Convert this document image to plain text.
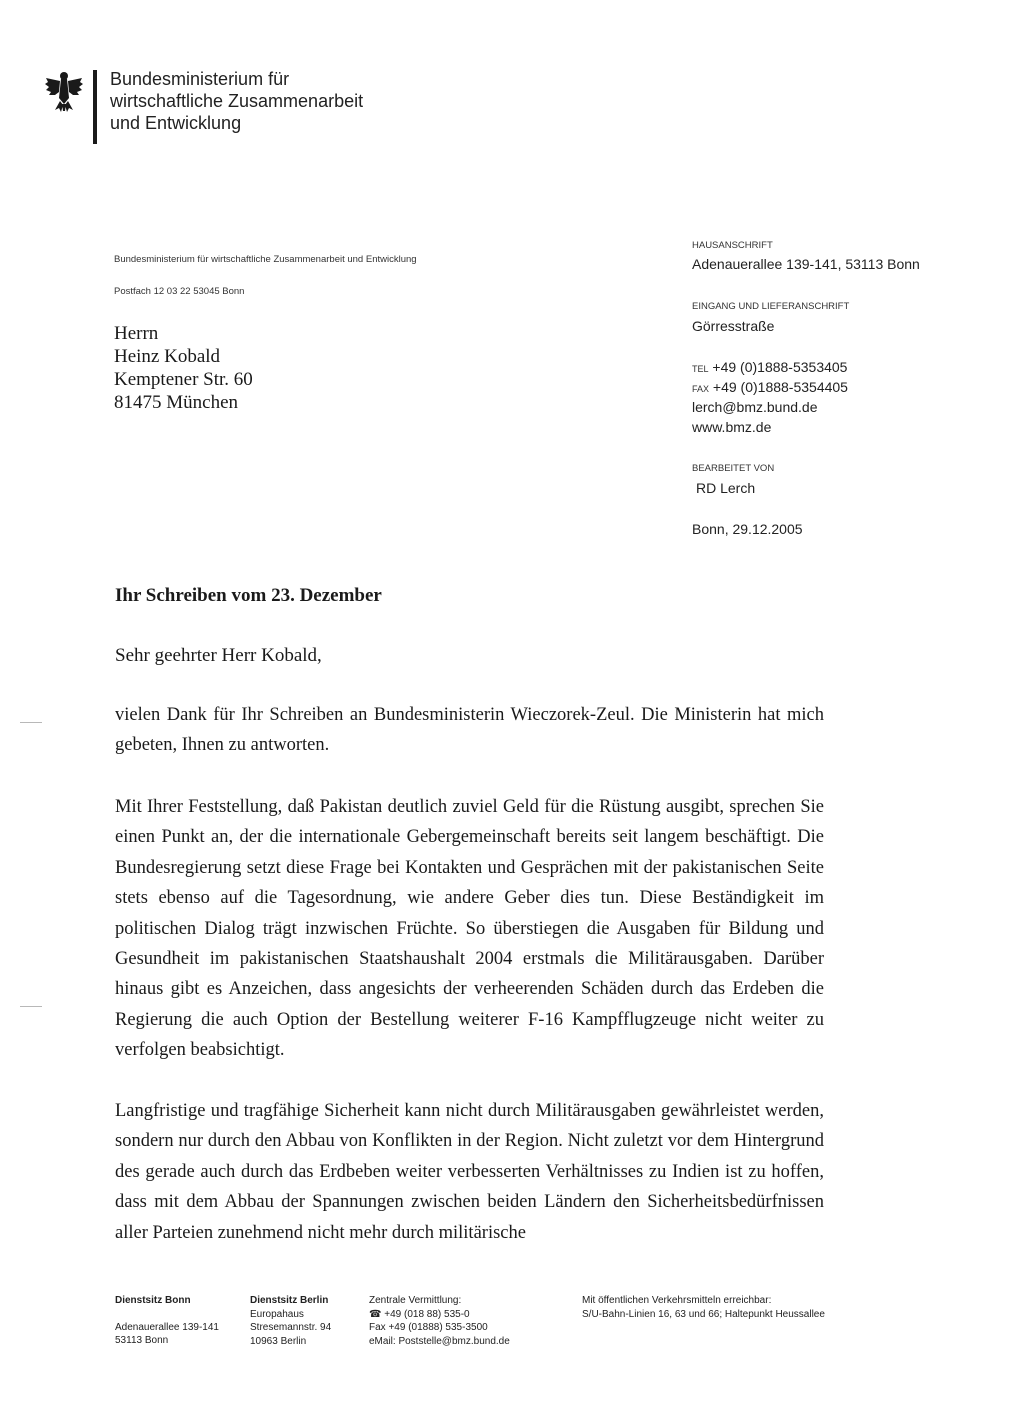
Bundesministerium für
wirtschaftliche Zusammenarbeit
und Entwicklung
Bundesministerium für wirtschaftliche Zusammenarbeit und Entwicklung
Postfach 12 03 22 53045 Bonn
Herrn
Heinz Kobald
Kemptener Str. 60
81475 München
HAUSANSCHRIFT
Adenauerallee 139-141, 53113 Bonn
EINGANG UND LIEFERANSCHRIFT
Görresstraße
TEL +49 (0)1888-5353405
FAX +49 (0)1888-5354405
lerch@bmz.bund.de
www.bmz.de
BEARBEITET VON
RD Lerch
Bonn, 29.12.2005
Ihr Schreiben vom 23. Dezember
Sehr geehrter Herr Kobald,
vielen Dank für Ihr Schreiben an Bundesministerin Wieczorek-Zeul. Die Ministerin hat mich gebeten, Ihnen zu antworten.
Mit Ihrer Feststellung, daß Pakistan deutlich zuviel Geld für die Rüstung ausgibt, sprechen Sie einen Punkt an, der die internationale Gebergemeinschaft bereits seit langem beschäftigt. Die Bundesregierung setzt diese Frage bei Kontakten und Gesprächen mit der pakistanischen Seite stets ebenso auf die Tagesordnung, wie andere Geber dies tun. Diese Beständigkeit im politischen Dialog trägt inzwischen Früchte. So überstiegen die Ausgaben für Bildung und Gesundheit im pakistanischen Staatshaushalt 2004 erstmals die Militärausgaben. Darüber hinaus gibt es Anzeichen, dass angesichts der verheerenden Schäden durch das Erdeben die Regierung die auch Option der Bestellung weiterer F-16 Kampfflugzeuge nicht weiter zu verfolgen beabsichtigt.
Langfristige und tragfähige Sicherheit kann nicht durch Militärausgaben gewährleistet werden, sondern nur durch den Abbau von Konflikten in der Region. Nicht zuletzt vor dem Hintergrund des gerade auch durch das Erdbeben weiter verbesserten Verhältnisses zu Indien ist zu hoffen, dass mit dem Abbau der Spannungen zwischen beiden Ländern den Sicherheitsbedürfnissen aller Parteien zunehmend nicht mehr durch militärische
Dienstsitz Bonn
Adenauerallee 139-141
53113 Bonn
Dienstsitz Berlin
Europahaus
Stresemannstr. 94
10963 Berlin
Zentrale Vermittlung:
☎ +49 (018 88) 535-0
Fax +49 (01888) 535-3500
eMail: Poststelle@bmz.bund.de
Mit öffentlichen Verkehrsmitteln erreichbar:
S/U-Bahn-Linien 16, 63 und 66; Haltepunkt Heussallee
